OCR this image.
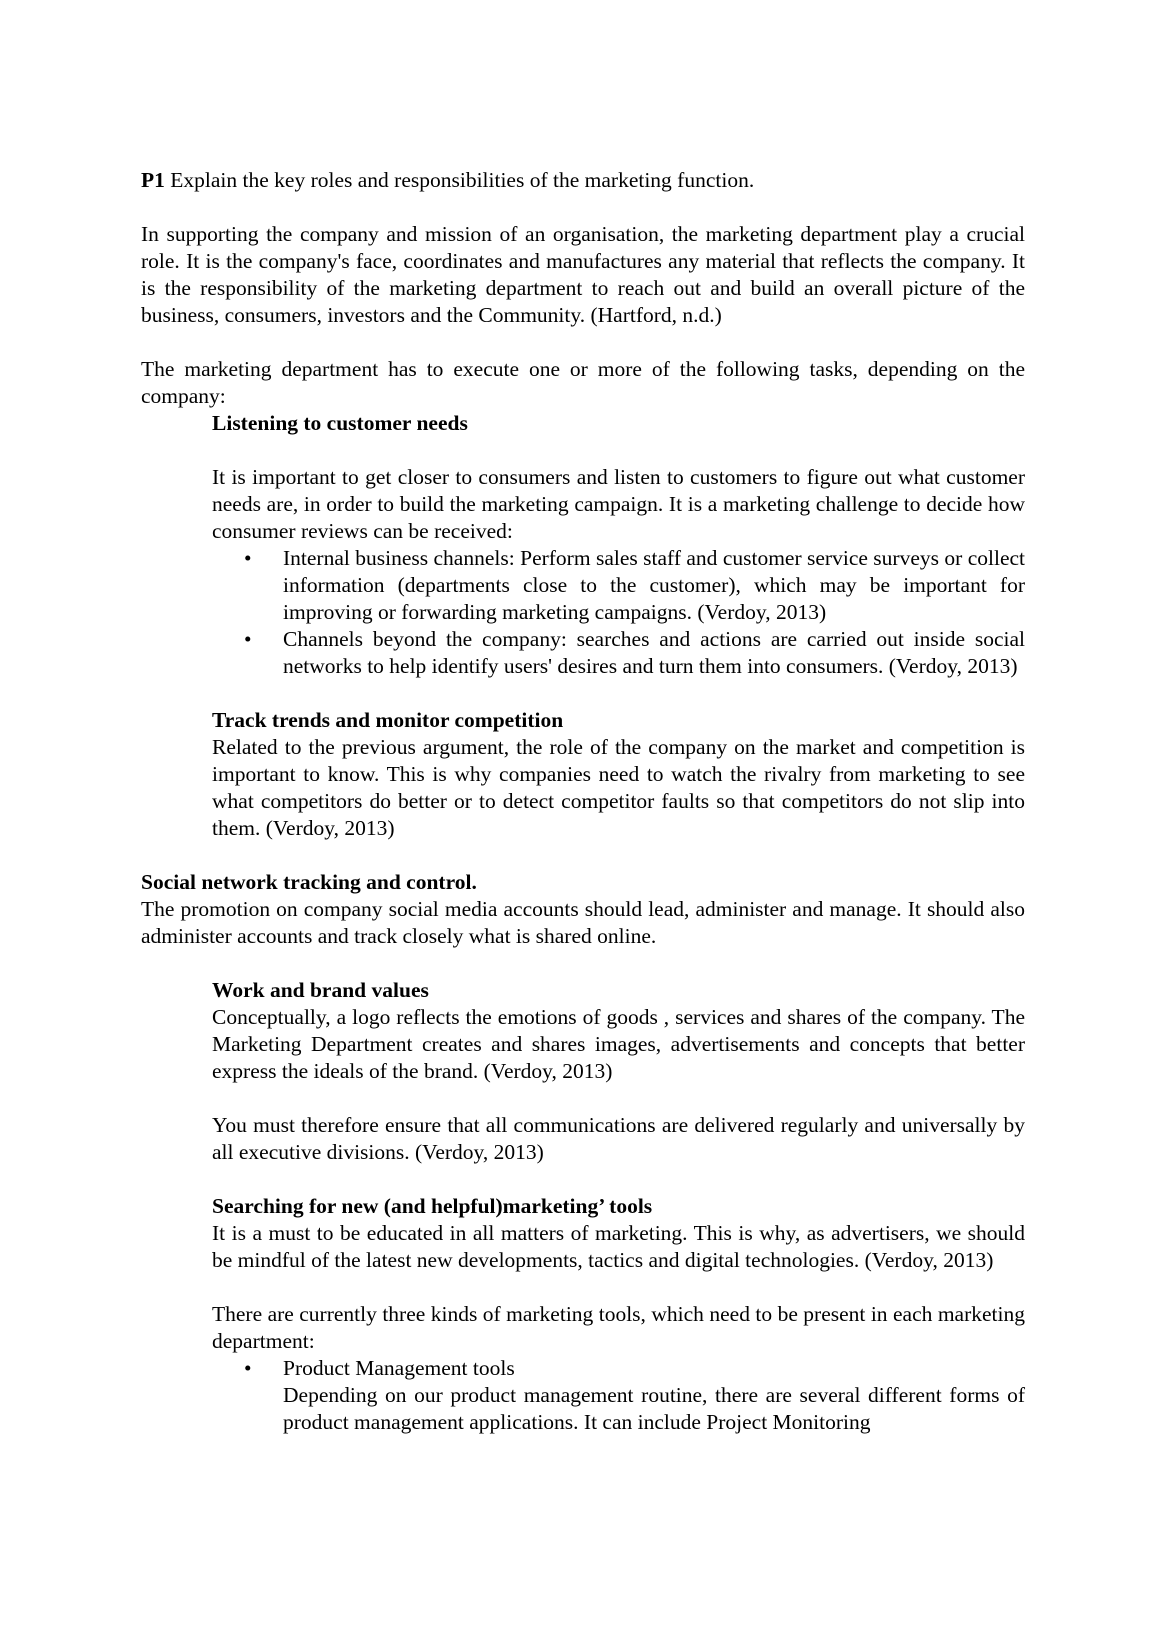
P1 Explain the key roles and responsibilities of the marketing function.

In supporting the company and mission of an organisation, the marketing department play a crucial role. It is the company's face, coordinates and manufactures any material that reflects the company. It is the responsibility of the marketing department to reach out and build an overall picture of the business, consumers, investors and the Community. (Hartford, n.d.)

The marketing department has to execute one or more of the following tasks, depending on the company:

Listening to customer needs

It is important to get closer to consumers and listen to customers to figure out what customer needs are, in order to build the marketing campaign. It is a marketing challenge to decide how consumer reviews can be received:

• Internal business channels: Perform sales staff and customer service surveys or collect information (departments close to the customer), which may be important for improving or forwarding marketing campaigns. (Verdoy, 2013)
• Channels beyond the company: searches and actions are carried out inside social networks to help identify users' desires and turn them into consumers. (Verdoy, 2013)

Track trends and monitor competition

Related to the previous argument, the role of the company on the market and competition is important to know. This is why companies need to watch the rivalry from marketing to see what competitors do better or to detect competitor faults so that competitors do not slip into them. (Verdoy, 2013)

Social network tracking and control.

The promotion on company social media accounts should lead, administer and manage. It should also administer accounts and track closely what is shared online.

Work and brand values

Conceptually, a logo reflects the emotions of goods , services and shares of the company. The Marketing Department creates and shares images, advertisements and concepts that better express the ideals of the brand. (Verdoy, 2013)

You must therefore ensure that all communications are delivered regularly and universally by all executive divisions. (Verdoy, 2013)

Searching for new (and helpful)marketing’ tools

It is a must to be educated in all matters of marketing. This is why, as advertisers, we should be mindful of the latest new developments, tactics and digital technologies. (Verdoy, 2013)

There are currently three kinds of marketing tools, which need to be present in each marketing department:

• Product Management tools
Depending on our product management routine, there are several different forms of product management applications. It can include Project Monitoring
